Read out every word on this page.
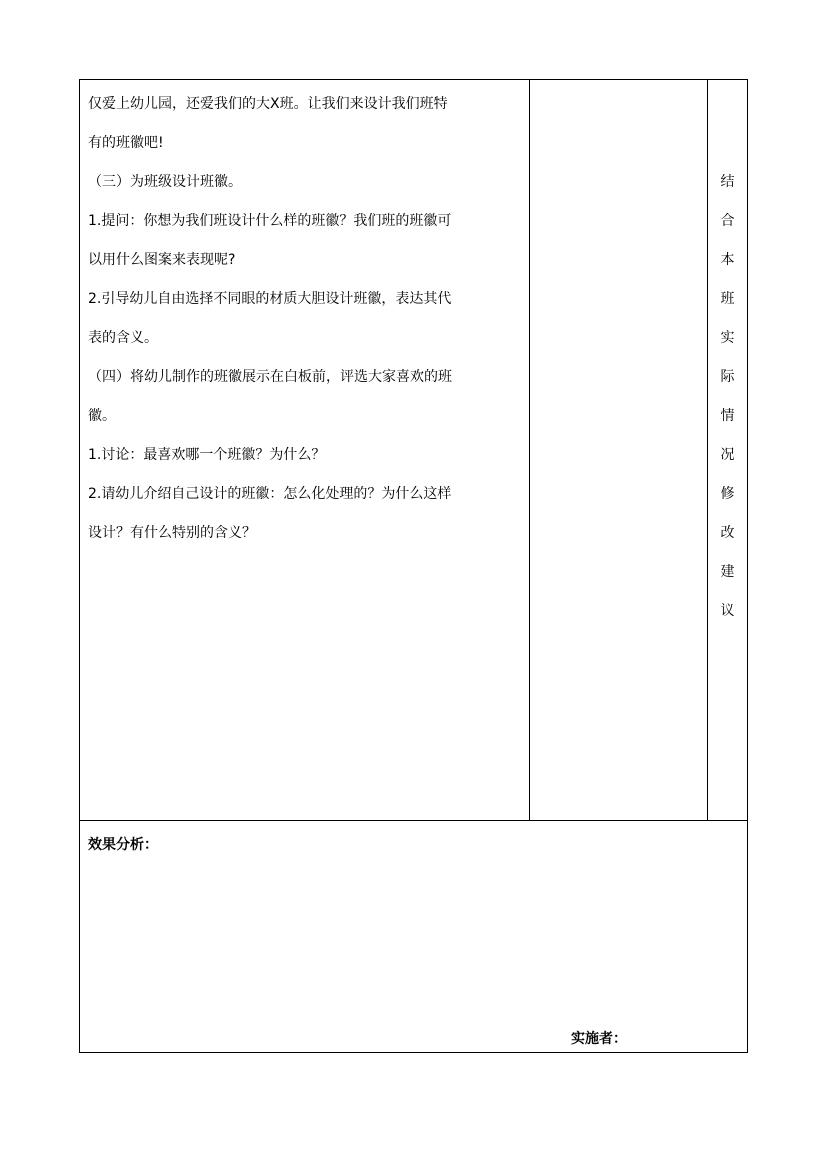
仅爱上幼儿园，还爱我们的大X班。让我们来设计我们班特
有的班徽吧!
（三）为班级设计班徽。
1.提问：你想为我们班设计什么样的班徽？我们班的班徽可
以用什么图案来表现呢?
2.引导幼儿自由选择不同眼的材质大胆设计班徽，表达其代
表的含义。
（四）将幼儿制作的班徽展示在白板前，评选大家喜欢的班
徽。
1.讨论：最喜欢哪一个班徽？为什么？
2.请幼儿介绍自己设计的班徽：怎么化处理的？为什么这样
设计？有什么特别的含义？
结
合
本
班
实
际
情
况
修
改
建
议
效果分析：
实施者：
